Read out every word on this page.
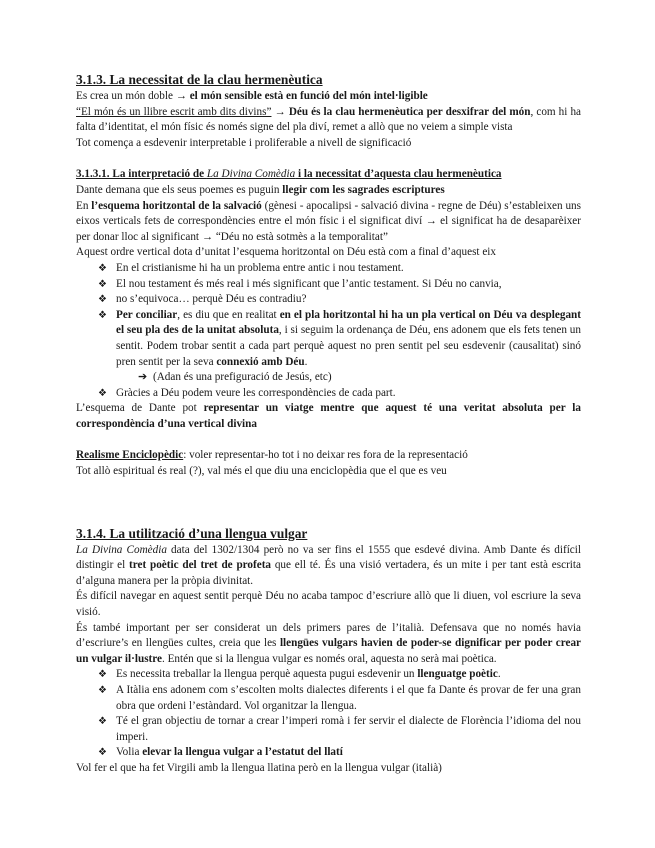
3.1.3. La necessitat de la clau hermenèutica

Es crea un món doble → el món sensible està en funció del món intel·ligible

“El món és un llibre escrit amb dits divins” → Déu és la clau hermenèutica per desxifrar del món, com hi ha falta d’identitat, el món físic és només signe del pla diví, remet a allò que no veiem a simple vista

Tot comença a esdevenir interpretable i proliferable a nivell de significació

3.1.3.1. La interpretació de La Divina Comèdia i la necessitat d’aquesta clau hermenèutica

Dante demana que els seus poemes es puguin llegir com les sagrades escriptures

En l’esquema horitzontal de la salvació (gènesi - apocalipsi - salvació divina - regne de Déu) s’estableixen uns eixos verticals fets de correspondències entre el món físic i el significat diví → el significat ha de desaparèixer per donar lloc al significant → “Déu no està sotmès a la temporalitat”

Aquest ordre vertical dota d’unitat l’esquema horitzontal on Déu està com a final d’aquest eix

❖ En el cristianisme hi ha un problema entre antic i nou testament.
❖ El nou testament és més real i més significant que l’antic testament. Si Déu no canvia,
❖ no s’equivoca… perquè Déu es contradiu?
❖ Per conciliar, es diu que en realitat en el pla horitzontal hi ha un pla vertical on Déu va desplegant el seu pla des de la unitat absoluta, i si seguim la ordenança de Déu, ens adonem que els fets tenen un sentit. Podem trobar sentit a cada part perquè aquest no pren sentit pel seu esdevenir (causalitat) sinó pren sentit per la seva connexió amb Déu.

➔ (Adan és una prefiguració de Jesús, etc)

❖ Gràcies a Déu podem veure les correspondències de cada part.

L’esquema de Dante pot representar un viatge mentre que aquest té una veritat absoluta per la correspondència d’una vertical divina

Realisme Enciclopèdic: voler representar-ho tot i no deixar res fora de la representació

Tot allò espiritual és real (?), val més el que diu una enciclopèdia que el que es veu

3.1.4. La utilització d’una llengua vulgar

La Divina Comèdia data del 1302/1304 però no va ser fins el 1555 que esdevé divina. Amb Dante és difícil distingir el tret poètic del tret de profeta que ell té. És una visió vertadera, és un mite i per tant està escrita d’alguna manera per la pròpia divinitat.

És difícil navegar en aquest sentit perquè Déu no acaba tampoc d’escriure allò que li diuen, vol escriure la seva visió.

És també important per ser considerat un dels primers pares de l’italià. Defensava que no només havia d’escriure’s en llengües cultes, creia que les llengües vulgars havien de poder-se dignificar per poder crear un vulgar il·lustre. Entén que si la llengua vulgar es només oral, aquesta no serà mai poètica.

❖ Es necessita treballar la llengua perquè aquesta pugui esdevenir un llenguatge poètic.
❖ A Itàlia ens adonem com s’escolten molts dialectes diferents i el que fa Dante és provar de fer una gran obra que ordeni l’estàndard. Vol organitzar la llengua.
❖ Té el gran objectiu de tornar a crear l’imperi romà i fer servir el dialecte de Florència l’idioma del nou imperi.
❖ Volia elevar la llengua vulgar a l’estatut del llatí

Vol fer el que ha fet Virgili amb la llengua llatina però en la llengua vulgar (italià)
